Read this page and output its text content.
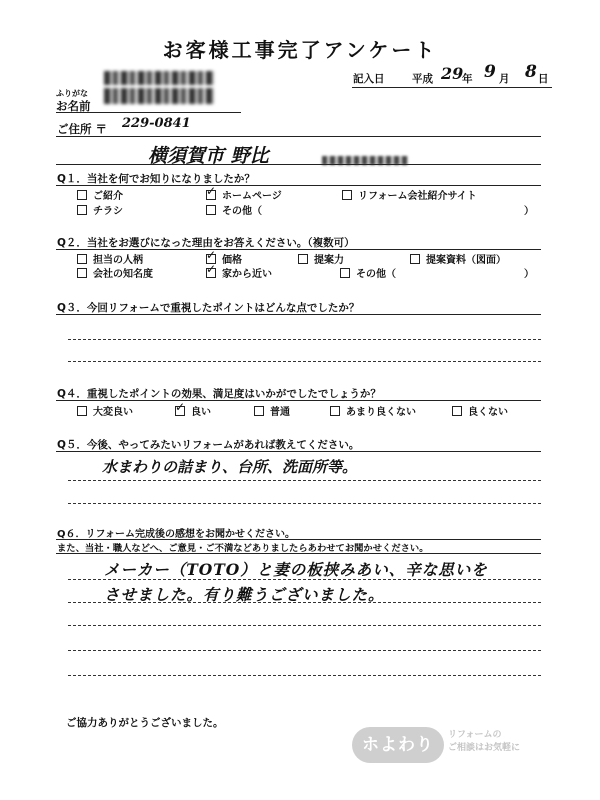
お客様工事完了アンケート
ふりがな
お名前
記入日	平成 29
年 9 月 8 日
ご住所 〒 229-0841
横須賀市 野比
Q１．当社を何でお知りになりましたか？
ご紹介 ✓	ホームページ	リフォーム会社紹介サイト
チラシ	その他（	）
Q２．当社をお選びになった理由をお答えください。（複数可）
担当の人柄 ✓	価格	提案力	提案資料（図面）
会社の知名度 ✓	家から近い	その他（	）
Q３．今回リフォームで重視したポイントはどんな点でしたか？
Q４．重視したポイントの効果、満足度はいかがでしたでしょうか？
大変良い ✓	良い	普通	あまり良くない	良くない
Q５．今後、やってみたいリフォームがあれば教えてください。
水まわりの詰まり、台所、洗面所等。
Q６．リフォーム完成後の感想をお聞かせください。
また、当社・職人などへ、ご意見・ご不満などありましたらあわせてお聞かせください。
メーカー（TOTO）と妻の板挟みあい、辛な思いを
させました。有り難うございました。
ご協力ありがとうございました。
ホよわり	リフォームの
ご相談はお気軽に
